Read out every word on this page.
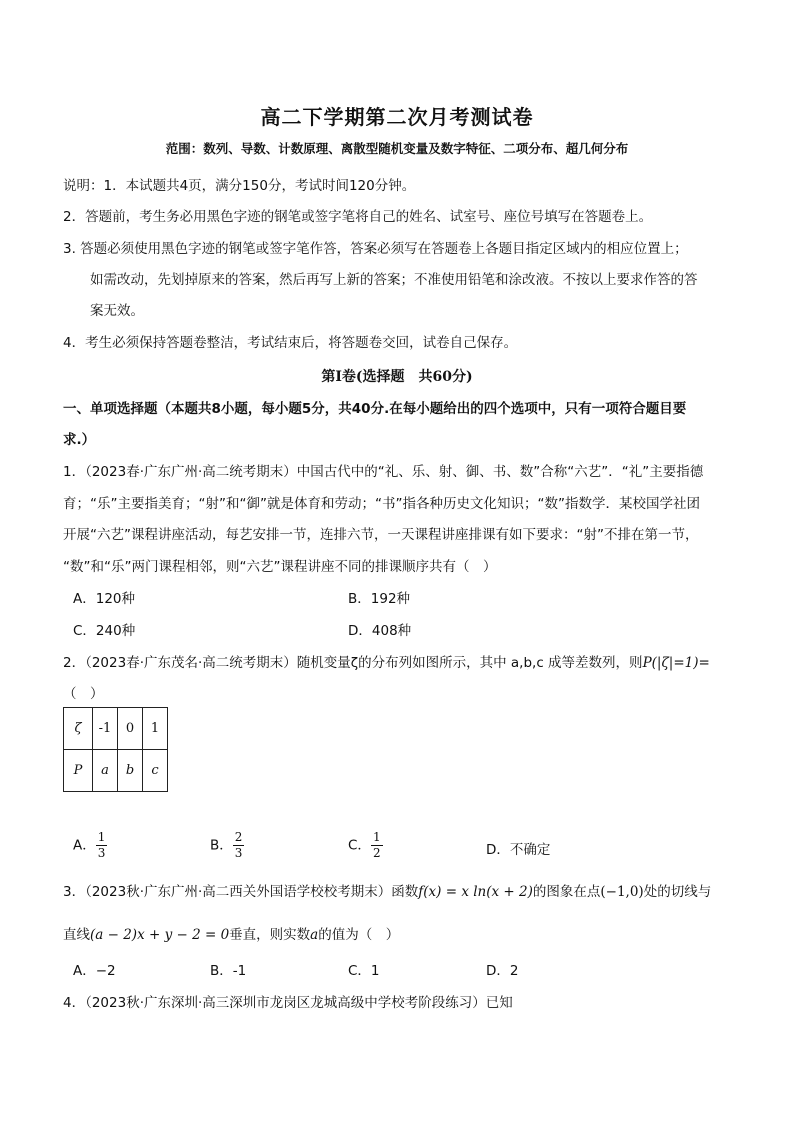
高二下学期第二次月考测试卷
范围：数列、导数、计数原理、离散型随机变量及数字特征、二项分布、超几何分布
说明：1．本试题共4页，满分150分，考试时间120分钟。
2．答题前，考生务必用黑色字迹的钢笔或签字笔将自己的姓名、试室号、座位号填写在答题卷上。
3. 答题必须使用黑色字迹的钢笔或签字笔作答，答案必须写在答题卷上各题目指定区域内的相应位置上；
如需改动，先划掉原来的答案，然后再写上新的答案；不准使用铅笔和涂改液。不按以上要求作答的答
案无效。
4．考生必须保持答题卷整洁，考试结束后，将答题卷交回，试卷自己保存。
第I卷(选择题　共60分)
一、单项选择题（本题共8小题，每小题5分，共40分.在每小题给出的四个选项中，只有一项符合题目要
求.）
1．（2023春·广东广州·高二统考期末）中国古代中的“礼、乐、射、御、书、数”合称“六艺”．“礼”主要指德
育；“乐”主要指美育；“射”和“御”就是体育和劳动；“书”指各种历史文化知识；“数”指数学．某校国学社团
开展“六艺”课程讲座活动，每艺安排一节，连排六节，一天课程讲座排课有如下要求：“射”不排在第一节，
“数”和“乐”两门课程相邻，则“六艺”课程讲座不同的排课顺序共有（　）
A．120种	B．192种
C．240种	D．408种
2．（2023春·广东茂名·高二统考期末）随机变量ζ的分布列如图所示，其中 a,b,c 成等差数列，则P(|ζ|=1)=
（　）
ζ	-1	0	1
P	a	b	c
A． $\frac{1}{3}$	B． $\frac{2}{3}$	C． $\frac{1}{2}$	D．不确定
3．（2023秋·广东广州·高二西关外国语学校校考期末）函数f(x) = x ln(x + 2)的图象在点(−1,0)处的切线与
直线(a − 2)x + y − 2 = 0垂直，则实数a的值为（　）
A．−2	B．-1	C．1	D．2
4．（2023秋·广东深圳·高三深圳市龙岗区龙城高级中学校考阶段练习）已知
